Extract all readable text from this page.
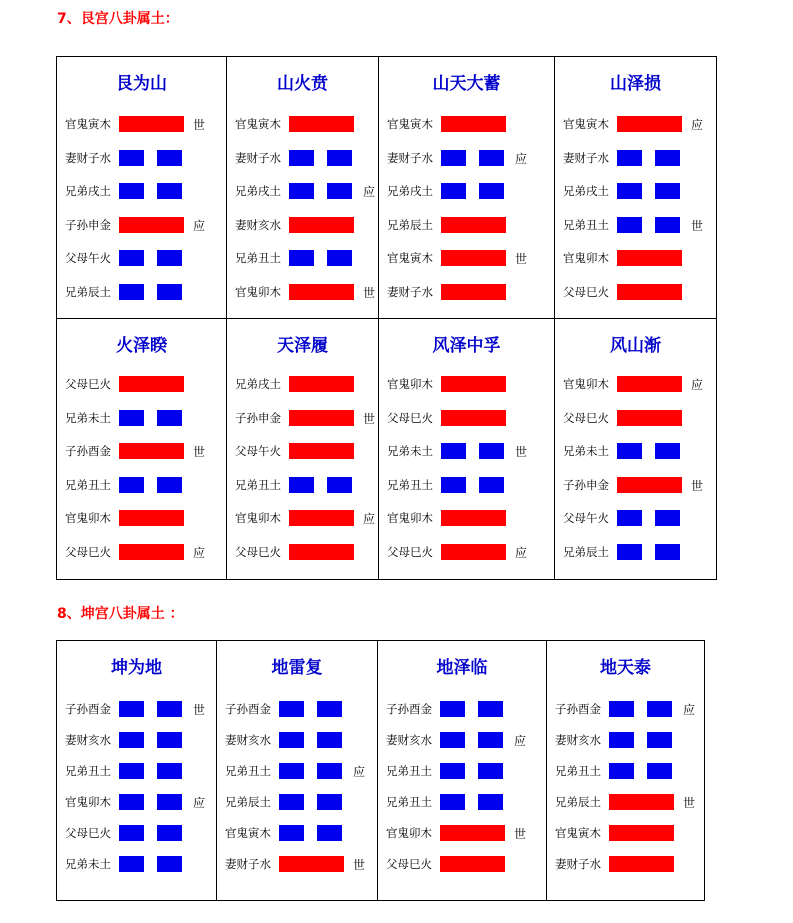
7、艮宫八卦属土：
艮为山
官鬼寅木	世
妻财子水
兄弟戌土
子孙申金	应
父母午火
兄弟辰土
山火贲
官鬼寅木
妻财子水
兄弟戌土	应
妻财亥水
兄弟丑土
官鬼卯木	世
山天大蓄
官鬼寅木
妻财子水	应
兄弟戌土
兄弟辰土
官鬼寅木	世
妻财子水
山泽损
官鬼寅木	应
妻财子水
兄弟戌土
兄弟丑土	世
官鬼卯木
父母巳火
火泽睽
父母巳火
兄弟未土
子孙酉金	世
兄弟丑土
官鬼卯木
父母巳火	应
天泽履
兄弟戌土
子孙申金	世
父母午火
兄弟丑土
官鬼卯木	应
父母巳火
风泽中孚
官鬼卯木
父母巳火
兄弟未土	世
兄弟丑土
官鬼卯木
父母巳火	应
风山渐
官鬼卯木	应
父母巳火
兄弟未土
子孙申金	世
父母午火
兄弟辰土
8、坤宫八卦属土 ：
坤为地
子孙酉金	世
妻财亥水
兄弟丑土
官鬼卯木	应
父母巳火
兄弟未土
地雷复
子孙酉金
妻财亥水
兄弟丑土	应
兄弟辰土
官鬼寅木
妻财子水	世
地泽临
子孙酉金
妻财亥水	应
兄弟丑土
兄弟丑土
官鬼卯木	世
父母巳火
地天泰
子孙酉金	应
妻财亥水
兄弟丑土
兄弟辰土	世
官鬼寅木
妻财子水
